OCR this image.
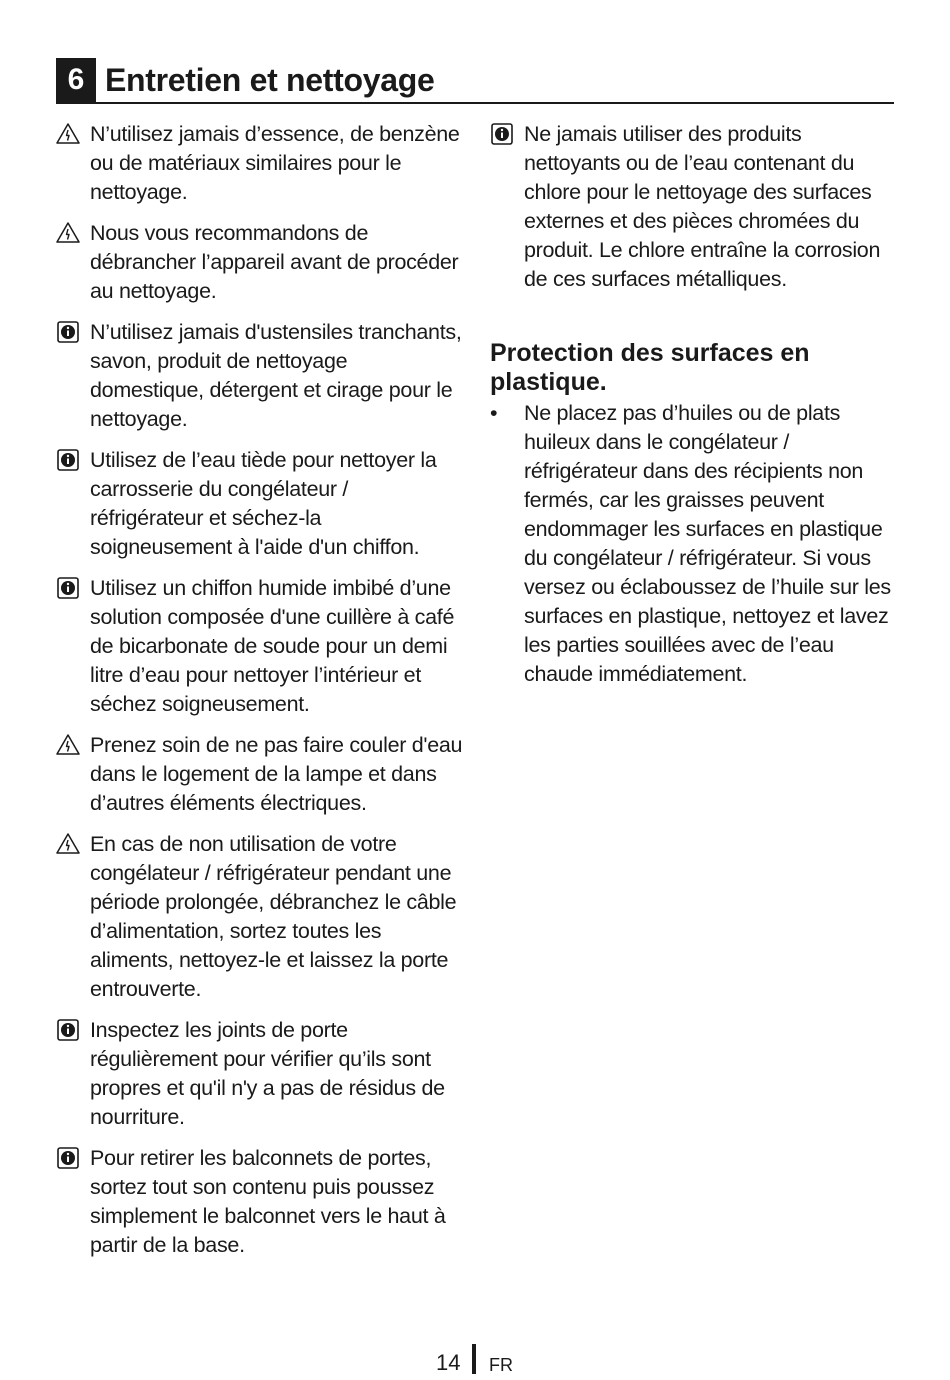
6 Entretien et nettoyage

N’utilisez jamais d’essence, de benzène ou de matériaux similaires pour le nettoyage.

Nous vous recommandons de débrancher l’appareil avant de procéder au nettoyage.

N’utilisez jamais d'ustensiles tranchants, savon, produit de nettoyage domestique, détergent et cirage pour le nettoyage.

Utilisez de l’eau tiède pour nettoyer la carrosserie du congélateur / réfrigérateur et séchez-la soigneusement à l'aide d'un chiffon.

Utilisez un chiffon humide imbibé d’une solution composée d'une cuillère à café de bicarbonate de soude pour un demi litre d’eau pour nettoyer l’intérieur et séchez soigneusement.

Prenez soin de ne pas faire couler d'eau dans le logement de la lampe et dans d’autres éléments électriques.

En cas de non utilisation de votre congélateur / réfrigérateur pendant une période prolongée, débranchez le câble d’alimentation, sortez toutes les aliments, nettoyez-le et laissez la porte entrouverte.

Inspectez les joints de porte régulièrement pour vérifier qu’ils sont propres et qu'il n'y a pas de résidus de nourriture.

Pour retirer les balconnets de portes, sortez tout son contenu puis poussez simplement le balconnet vers le haut à partir de la base.

Ne jamais utiliser des produits nettoyants ou de l’eau contenant du chlore pour le nettoyage des surfaces externes et des pièces chromées du produit. Le chlore entraîne la corrosion de ces surfaces métalliques.

Protection des surfaces en plastique.
• Ne placez pas d’huiles ou de plats huileux dans le congélateur / réfrigérateur dans des récipients non fermés, car les graisses peuvent endommager les surfaces en plastique du congélateur / réfrigérateur. Si vous versez ou éclaboussez de l’huile sur les surfaces en plastique, nettoyez et lavez les parties souillées avec de l’eau chaude immédiatement.

14 FR
